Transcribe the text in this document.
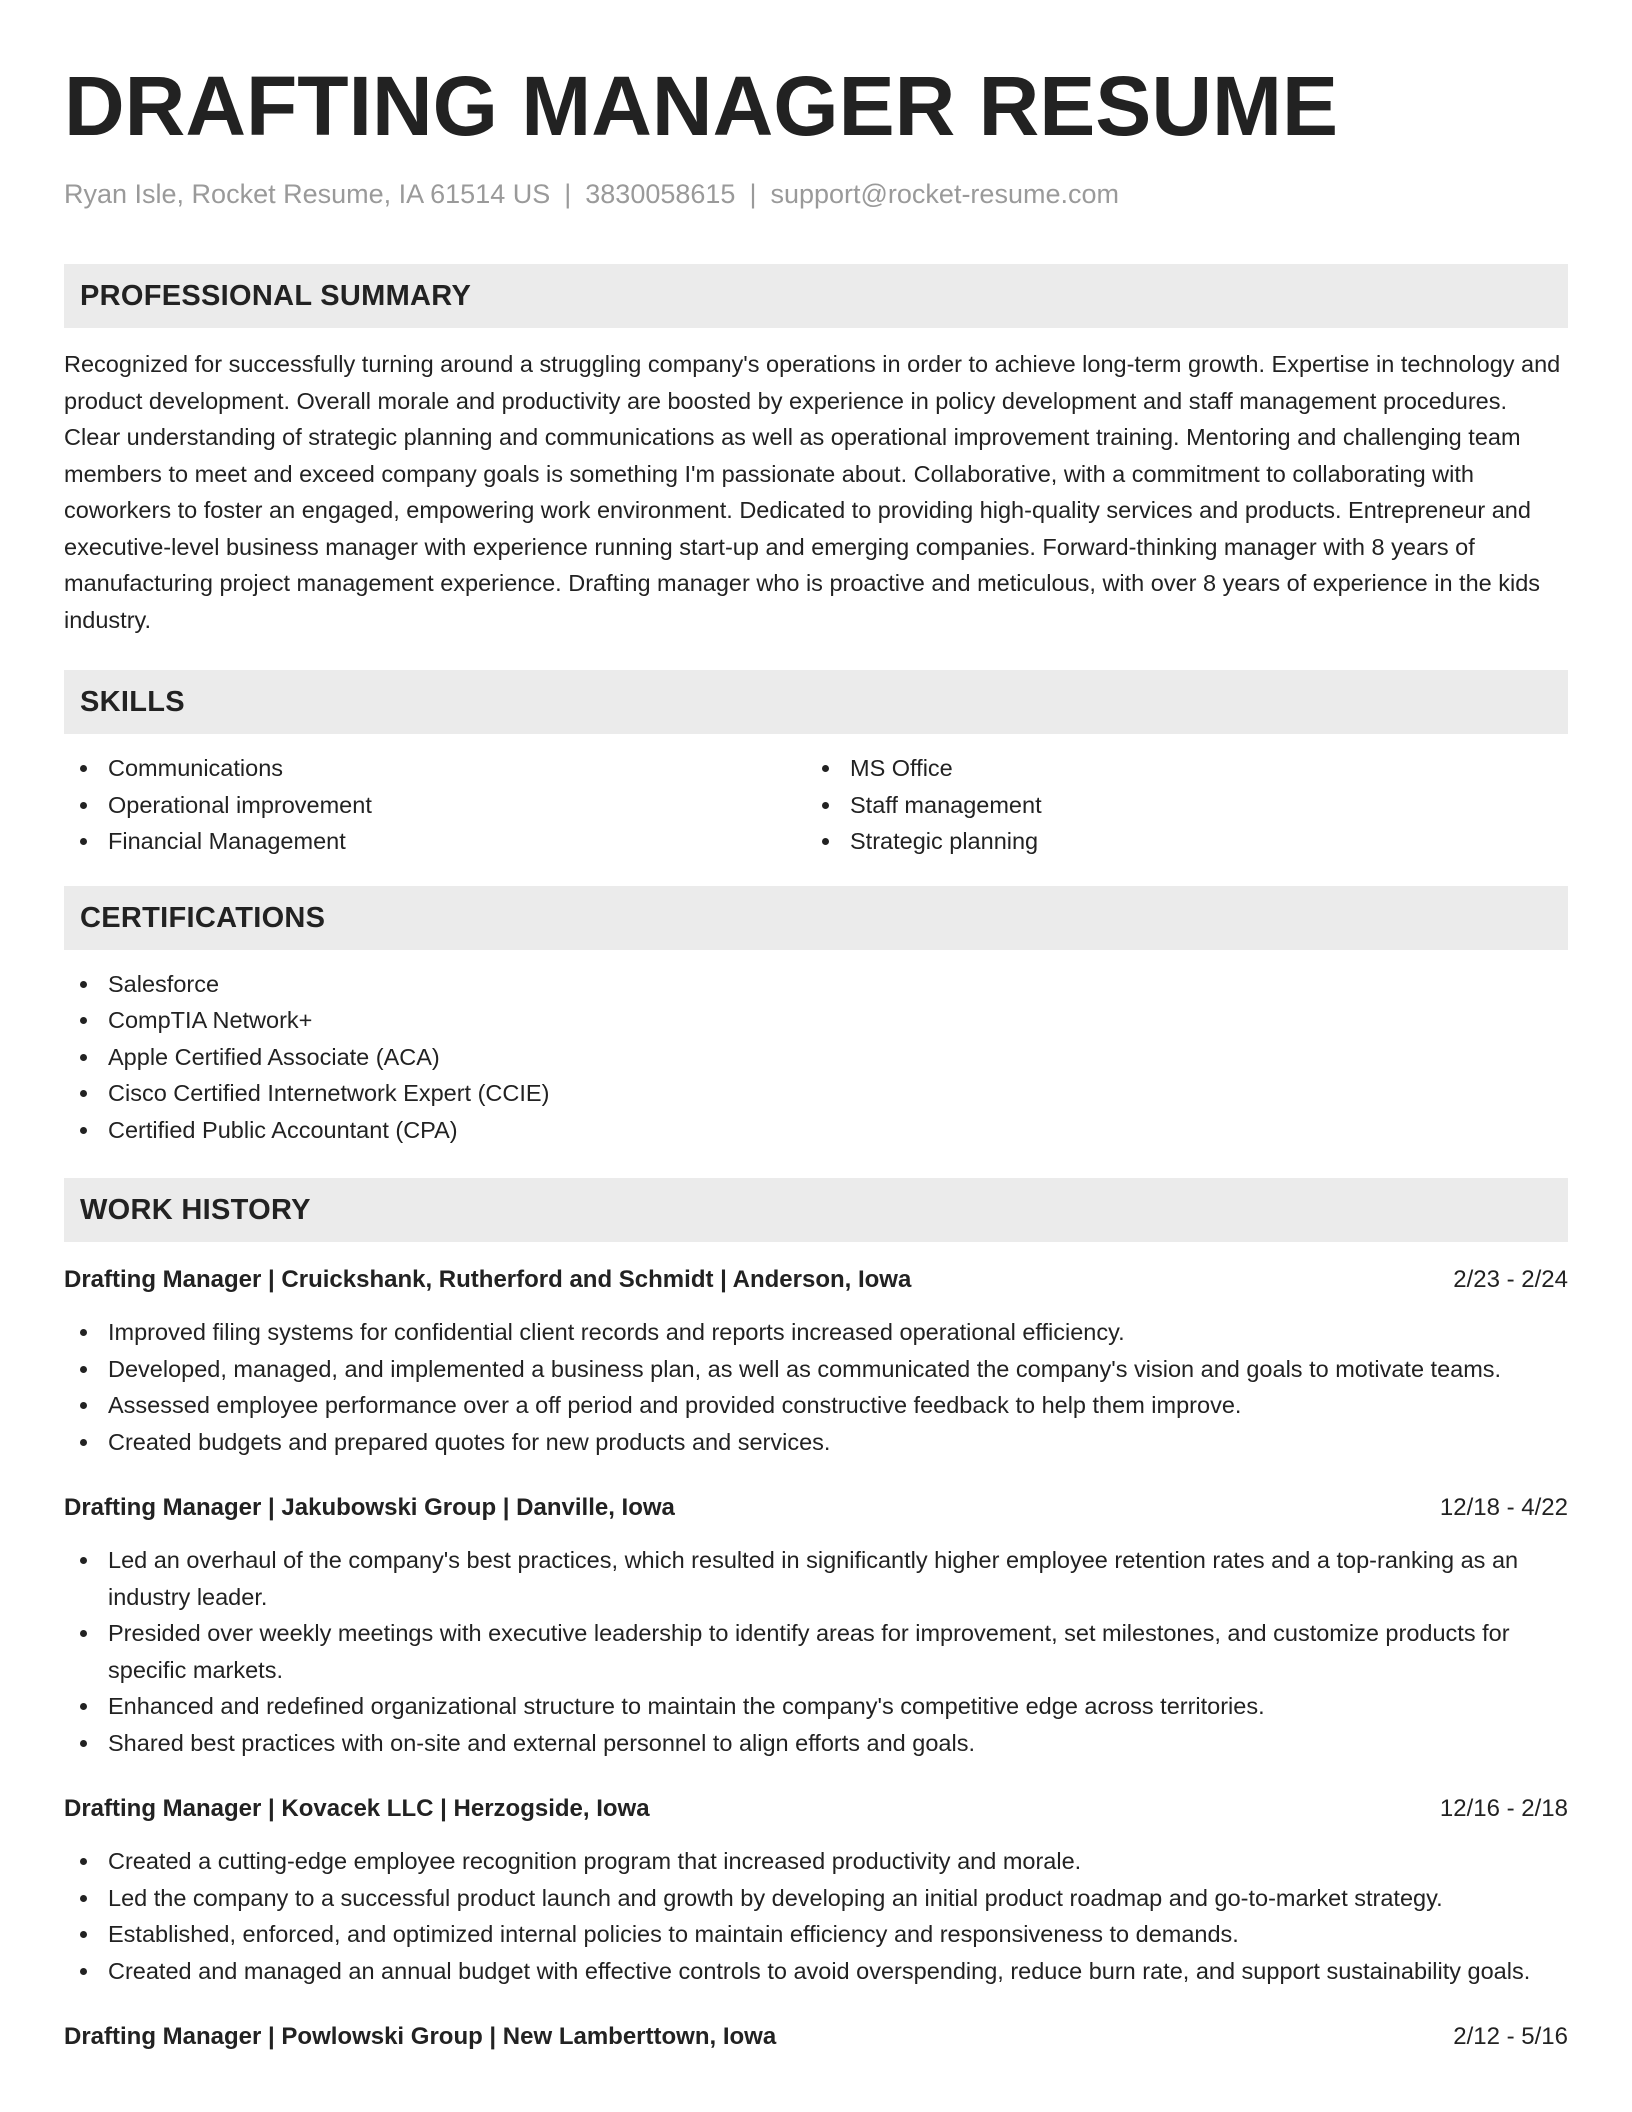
DRAFTING MANAGER RESUME
Ryan Isle, Rocket Resume, IA 61514 US | 3830058615 | support@rocket-resume.com
PROFESSIONAL SUMMARY

Recognized for successfully turning around a struggling company's operations in order to achieve long-term growth. Expertise in technology and product development. Overall morale and productivity are boosted by experience in policy development and staff management procedures. Clear understanding of strategic planning and communications as well as operational improvement training. Mentoring and challenging team members to meet and exceed company goals is something I'm passionate about. Collaborative, with a commitment to collaborating with coworkers to foster an engaged, empowering work environment. Dedicated to providing high-quality services and products. Entrepreneur and executive-level business manager with experience running start-up and emerging companies. Forward-thinking manager with 8 years of manufacturing project management experience. Drafting manager who is proactive and meticulous, with over 8 years of experience in the kids industry.

SKILLS
Communications
Operational improvement
Financial Management
MS Office
Staff management
Strategic planning
CERTIFICATIONS
Salesforce
CompTIA Network+
Apple Certified Associate (ACA)
Cisco Certified Internetwork Expert (CCIE)
Certified Public Accountant (CPA)
WORK HISTORY
Drafting Manager | Cruickshank, Rutherford and Schmidt | Anderson, Iowa	2/23 - 2/24
Improved filing systems for confidential client records and reports increased operational efficiency.
Developed, managed, and implemented a business plan, as well as communicated the company's vision and goals to motivate teams.
Assessed employee performance over a off period and provided constructive feedback to help them improve.
Created budgets and prepared quotes for new products and services.
Drafting Manager | Jakubowski Group | Danville, Iowa	12/18 - 4/22
Led an overhaul of the company's best practices, which resulted in significantly higher employee retention rates and a top-ranking as an industry leader.
Presided over weekly meetings with executive leadership to identify areas for improvement, set milestones, and customize products for specific markets.
Enhanced and redefined organizational structure to maintain the company's competitive edge across territories.
Shared best practices with on-site and external personnel to align efforts and goals.
Drafting Manager | Kovacek LLC | Herzogside, Iowa	12/16 - 2/18
Created a cutting-edge employee recognition program that increased productivity and morale.
Led the company to a successful product launch and growth by developing an initial product roadmap and go-to-market strategy.
Established, enforced, and optimized internal policies to maintain efficiency and responsiveness to demands.
Created and managed an annual budget with effective controls to avoid overspending, reduce burn rate, and support sustainability goals.
Drafting Manager | Powlowski Group | New Lamberttown, Iowa	2/12 - 5/16
